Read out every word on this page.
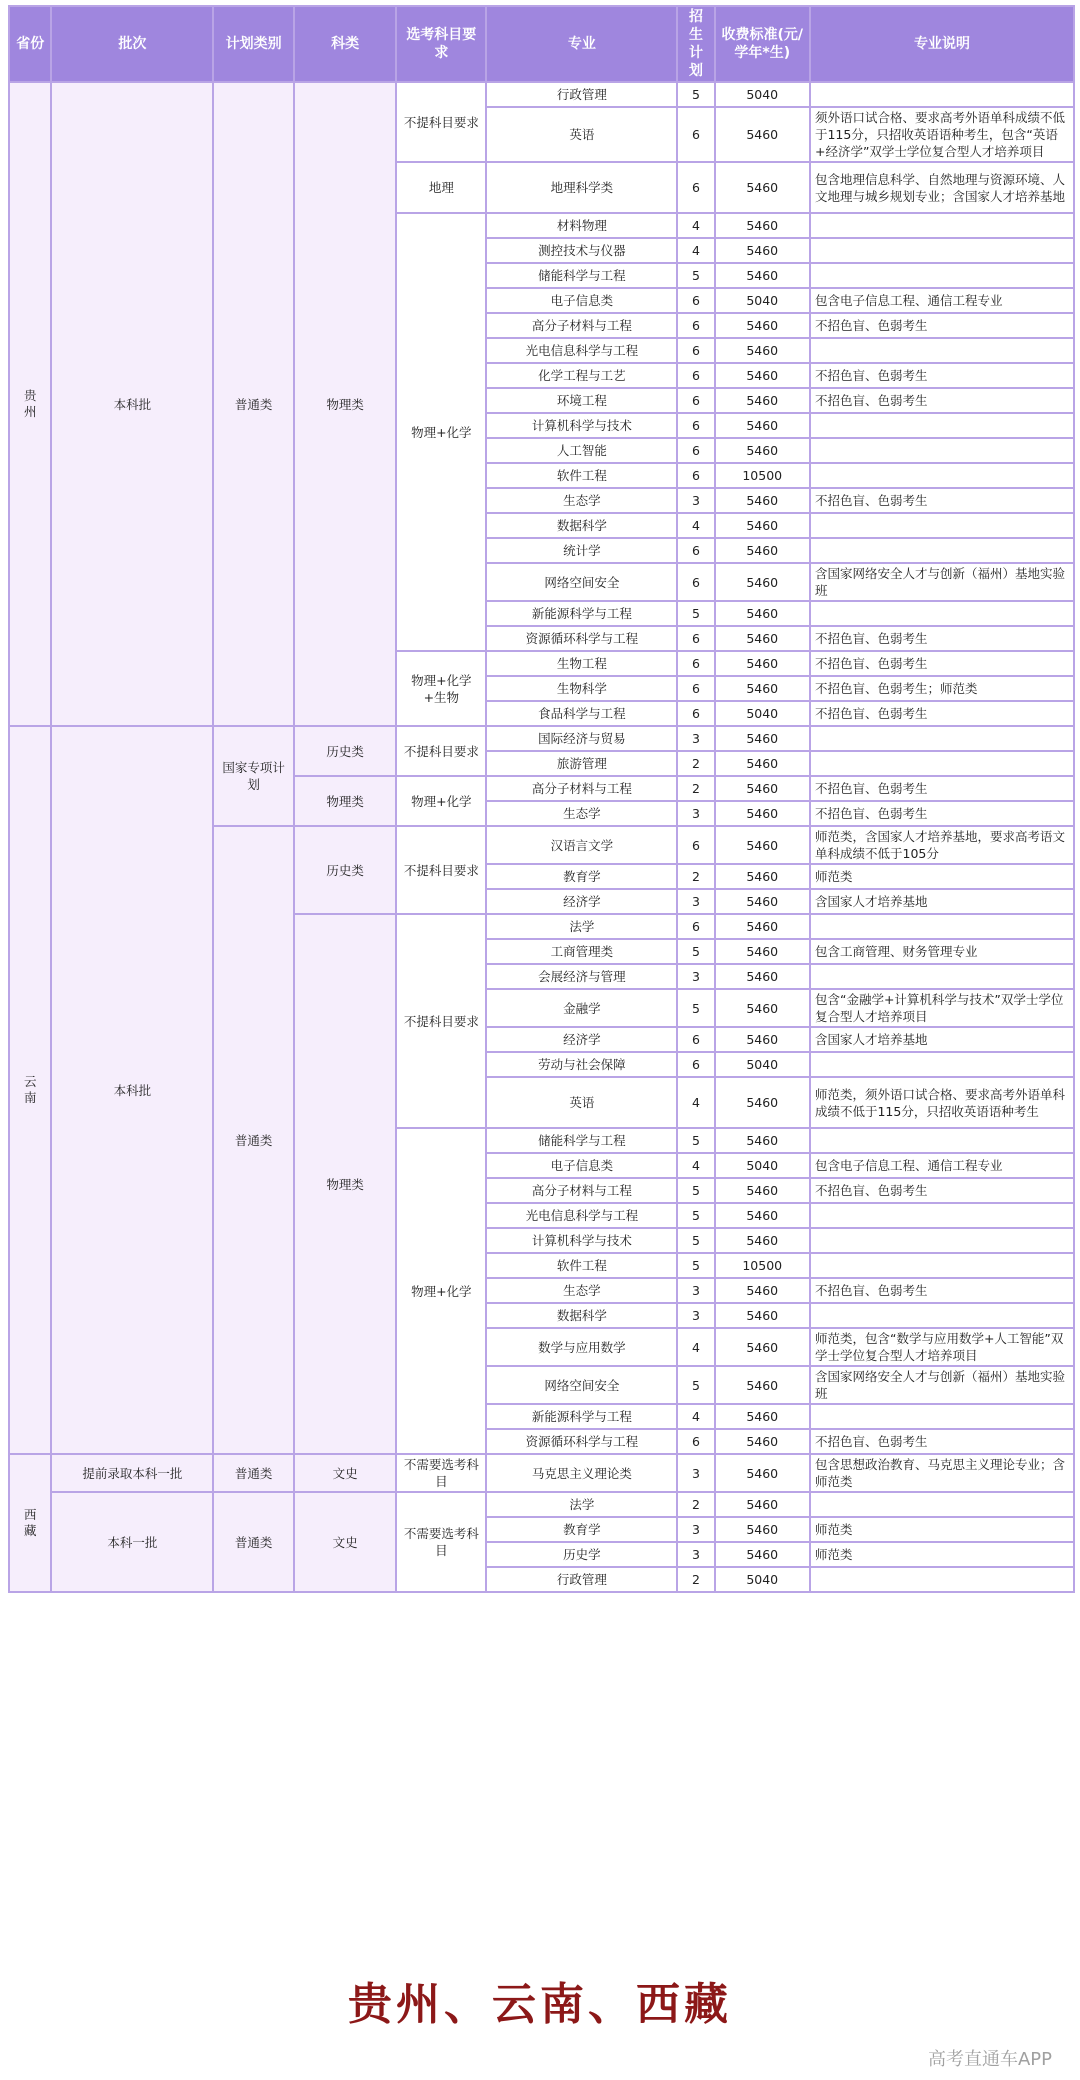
省份	批次	计划类别	科类	选考科目要求	专业	招生计划	收费标准(元/学年*生)	专业说明
贵州	本科批	普通类	物理类	不提科目要求	行政管理	5	5040	
					英语	6	5460	须外语口试合格、要求高考外语单科成绩不低于115分，只招收英语语种考生，包含“英语+经济学”双学士学位复合型人才培养项目
				地理	地理科学类	6	5460	包含地理信息科学、自然地理与资源环境、人文地理与城乡规划专业；含国家人才培养基地
				物理+化学	材料物理	4	5460	
					测控技术与仪器	4	5460	
					储能科学与工程	5	5460	
					电子信息类	6	5040	包含电子信息工程、通信工程专业
					高分子材料与工程	6	5460	不招色盲、色弱考生
					光电信息科学与工程	6	5460	
					化学工程与工艺	6	5460	不招色盲、色弱考生
					环境工程	6	5460	不招色盲、色弱考生
					计算机科学与技术	6	5460	
					人工智能	6	5460	
					软件工程	6	10500	
					生态学	3	5460	不招色盲、色弱考生
					数据科学	4	5460	
					统计学	6	5460	
					网络空间安全	6	5460	含国家网络安全人才与创新（福州）基地实验班
					新能源科学与工程	5	5460	
					资源循环科学与工程	6	5460	不招色盲、色弱考生
				物理+化学+生物	生物工程	6	5460	不招色盲、色弱考生
					生物科学	6	5460	不招色盲、色弱考生；师范类
					食品科学与工程	6	5040	不招色盲、色弱考生
云南	本科批	国家专项计划	历史类	不提科目要求	国际经济与贸易	3	5460	
					旅游管理	2	5460	
			物理类	物理+化学	高分子材料与工程	2	5460	不招色盲、色弱考生
					生态学	3	5460	不招色盲、色弱考生
		普通类	历史类	不提科目要求	汉语言文学	6	5460	师范类，含国家人才培养基地，要求高考语文单科成绩不低于105分
					教育学	2	5460	师范类
					经济学	3	5460	含国家人才培养基地
			物理类	不提科目要求	法学	6	5460	
					工商管理类	5	5460	包含工商管理、财务管理专业
					会展经济与管理	3	5460	
					金融学	5	5460	包含“金融学+计算机科学与技术”双学士学位复合型人才培养项目
					经济学	6	5460	含国家人才培养基地
					劳动与社会保障	6	5040	
					英语	4	5460	师范类，须外语口试合格、要求高考外语单科成绩不低于115分，只招收英语语种考生
				物理+化学	储能科学与工程	5	5460	
					电子信息类	4	5040	包含电子信息工程、通信工程专业
					高分子材料与工程	5	5460	不招色盲、色弱考生
					光电信息科学与工程	5	5460	
					计算机科学与技术	5	5460	
					软件工程	5	10500	
					生态学	3	5460	不招色盲、色弱考生
					数据科学	3	5460	
					数学与应用数学	4	5460	师范类，包含“数学与应用数学+人工智能”双学士学位复合型人才培养项目
					网络空间安全	5	5460	含国家网络安全人才与创新（福州）基地实验班
					新能源科学与工程	4	5460	
					资源循环科学与工程	6	5460	不招色盲、色弱考生
西藏	提前录取本科一批	普通类	文史	不需要选考科目	马克思主义理论类	3	5460	包含思想政治教育、马克思主义理论专业；含师范类
	本科一批	普通类	文史	不需要选考科目	法学	2	5460	
					教育学	3	5460	师范类
					历史学	3	5460	师范类
					行政管理	2	5040	
贵州、云南、西藏
高考直通车APP
